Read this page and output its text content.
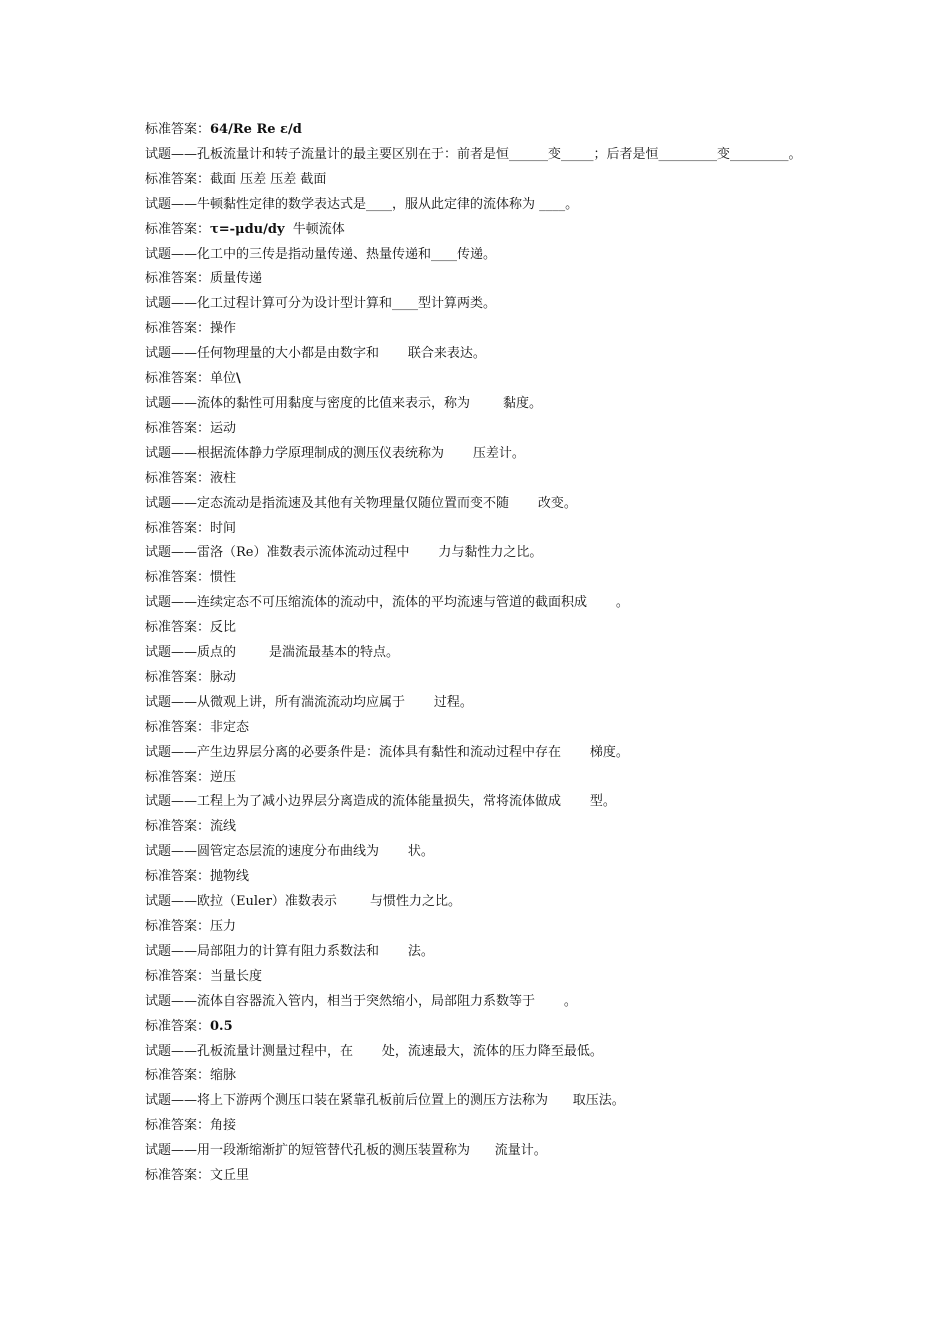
标准答案：64/Re Re ε/d
试题——孔板流量计和转子流量计的最主要区别在于：前者是恒______变_____；后者是恒_________变_________。
标准答案：截面 压差 压差 截面
试题——牛顿黏性定律的数学表达式是____，服从此定律的流体称为 ____。
标准答案：τ=-μdu/dy  牛顿流体
试题——化工中的三传是指动量传递、热量传递和____传递。
标准答案：质量传递
试题——化工过程计算可分为设计型计算和____型计算两类。
标准答案：操作
试题——任何物理量的大小都是由数字和       联合来表达。
标准答案：单位\
试题——流体的黏性可用黏度与密度的比值来表示，称为        黏度。
标准答案：运动
试题——根据流体静力学原理制成的测压仪表统称为       压差计。
标准答案：液柱
试题——定态流动是指流速及其他有关物理量仅随位置而变不随       改变。
标准答案：时间
试题——雷洛（Re）准数表示流体流动过程中       力与黏性力之比。
标准答案：惯性
试题——连续定态不可压缩流体的流动中，流体的平均流速与管道的截面积成       。
标准答案：反比
试题——质点的        是湍流最基本的特点。
标准答案：脉动
试题——从微观上讲，所有湍流流动均应属于       过程。
标准答案：非定态
试题——产生边界层分离的必要条件是：流体具有黏性和流动过程中存在       梯度。
标准答案：逆压
试题——工程上为了减小边界层分离造成的流体能量损失，常将流体做成       型。
标准答案：流线
试题——圆管定态层流的速度分布曲线为       状。
标准答案：抛物线
试题——欧拉（Euler）准数表示        与惯性力之比。
标准答案：压力
试题——局部阻力的计算有阻力系数法和       法。
标准答案：当量长度
试题——流体自容器流入管内，相当于突然缩小，局部阻力系数等于       。
标准答案：0.5
试题——孔板流量计测量过程中，在       处，流速最大，流体的压力降至最低。
标准答案：缩脉
试题——将上下游两个测压口装在紧靠孔板前后位置上的测压方法称为      取压法。
标准答案：角接
试题——用一段渐缩渐扩的短管替代孔板的测压装置称为      流量计。
标准答案：文丘里
